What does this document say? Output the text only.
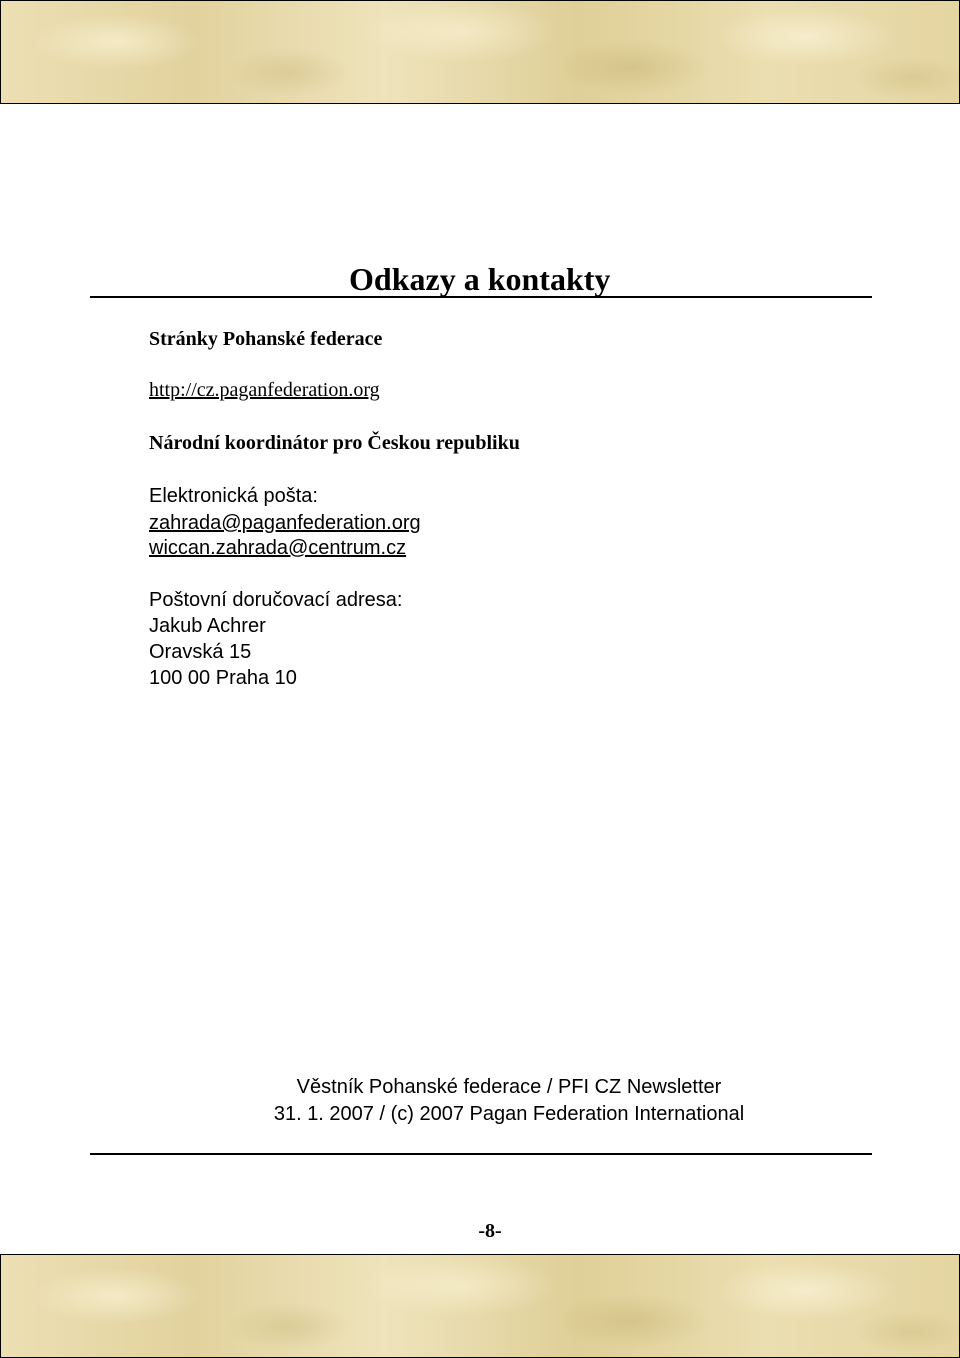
Odkazy a kontakty
Stránky Pohanské federace
http://cz.paganfederation.org
Národní koordinátor pro Českou republiku
Elektronická pošta:
zahrada@paganfederation.org
wiccan.zahrada@centrum.cz
Poštovní doručovací adresa:
Jakub Achrer
Oravská 15
100 00 Praha 10
Věstník Pohanské federace / PFI CZ Newsletter
31. 1. 2007 / (c) 2007 Pagan Federation International
-8-
